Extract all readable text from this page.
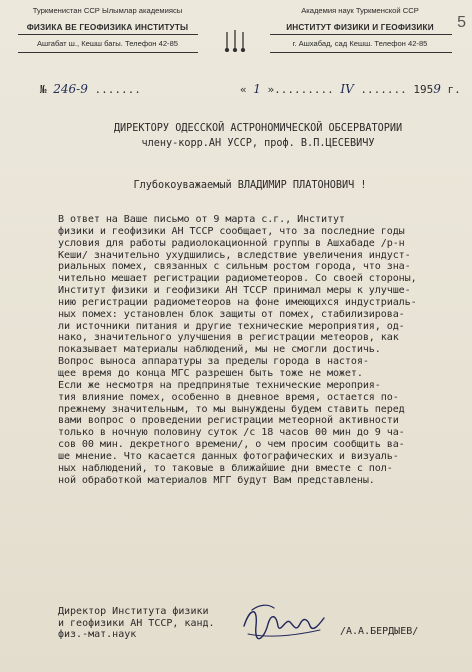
Туркменистан ССР Ылымлар академиясы
ФИЗИКА ВЕ ГЕОФИЗИКА ИНСТИТУТЫ
Ашгабат ш., Кешш багы. Телефон 42-85
Академия наук Туркменской ССР
ИНСТИТУТ ФИЗИКИ И ГЕОФИЗИКИ
г. Ашхабад, сад Кешш. Телефон 42-85
5
№ 246-9 .......	« 1 »......... IV ....... 1959 г.
ДИРЕКТОРУ ОДЕССКОЙ АСТРОНОМИЧЕСКОЙ ОБСЕРВАТОРИИ
члену-корр.АН УССР, проф. В.П.ЦЕСЕВИЧУ
Глубокоуважаемый ВЛАДИМИР ПЛАТОНОВИЧ !

В ответ на Ваше письмо от 9 марта с.г., Институт

физики и геофизики АН ТССР сообщает, что за последние годы

условия для работы радиолокационной группы в Ашхабаде /р-н

Кеши/ значительно ухудшились, вследствие увеличения индуст-

риальных помех, связанных с сильным ростом города, что зна-

чительно мешает регистрации радиометеоров. Со своей стороны,

Институт физики и геофизики АН ТССР принимал меры к улучше-

нию регистрации радиометеоров на фоне имеющихся индустриаль-

ных помех: установлен блок защиты от помех, стабилизирова-

ли источники питания и другие технические мероприятия, од-

нако, значительного улучшения в регистрации метеоров, как

показывает материалы наблюдений, мы не смогли достичь.

Вопрос выноса аппаратуры за пределы города в настоя-

щее время до конца МГС разрешен быть тоже не может.

Если же несмотря на предпринятые технические мероприя-

тия влияние помех, особенно в дневное время, остается по-

прежнему значительным, то мы вынуждены будем ставить перед

вами вопрос о проведении регистрации метеорной активности

только в ночную половину суток /с 18 часов 00 мин до 9 ча-

сов 00 мин. декретного времени/, о чем просим сообщить ва-

ше мнение. Что касается данных фотографических и визуаль-

ных наблюдений, то таковые в ближайшие дни вместе с пол-

ной обработкой материалов МГГ будут Вам представлены.

Директор Института физики
и геофизики АН ТССР, канд.
физ.-мат.наук	/А.А.БЕРДЫЕВ/
